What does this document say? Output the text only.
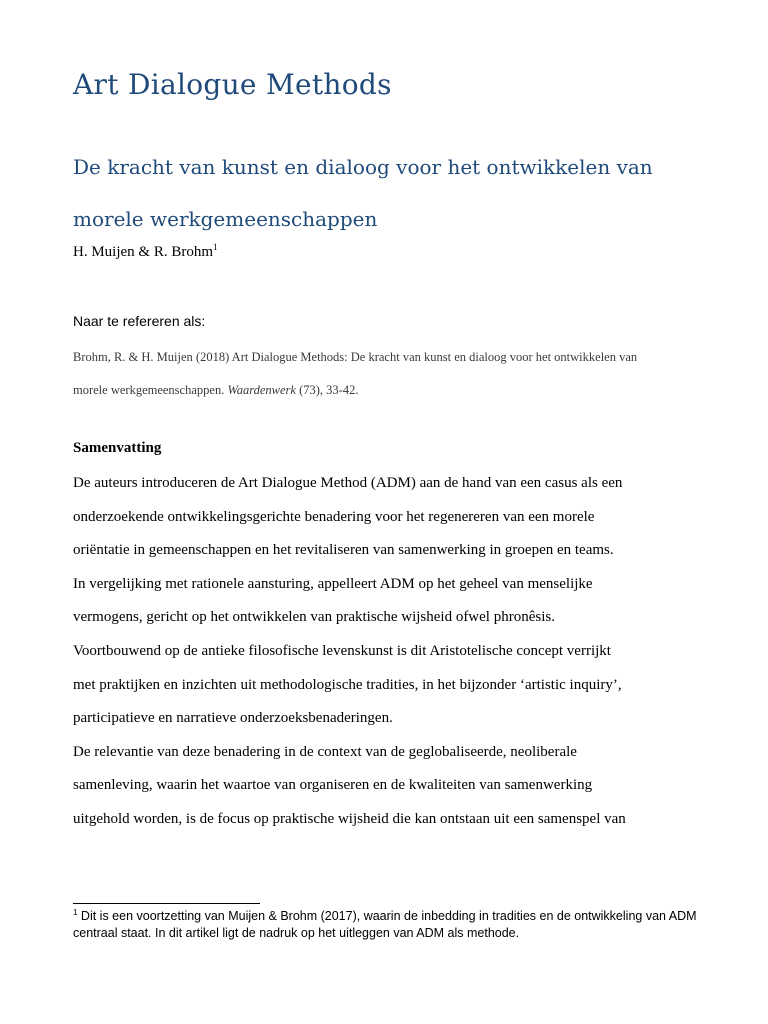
Art Dialogue Methods
De kracht van kunst en dialoog voor het ontwikkelen van morele werkgemeenschappen
H. Muijen & R. Brohm$^1$
Naar te refereren als:
Brohm, R. & H. Muijen (2018) Art Dialogue Methods: De kracht van kunst en dialoog voor het ontwikkelen van morele werkgemeenschappen. Waardenwerk (73), 33-42.
Samenvatting
De auteurs introduceren de Art Dialogue Method (ADM) aan de hand van een casus als een
onderzoekende ontwikkelingsgerichte benadering voor het regenereren van een morele
oriëntatie in gemeenschappen en het revitaliseren van samenwerking in groepen en teams.
In vergelijking met rationele aansturing, appelleert ADM op het geheel van menselijke
vermogens, gericht op het ontwikkelen van praktische wijsheid ofwel phronêsis.
Voortbouwend op de antieke filosofische levenskunst is dit Aristotelische concept verrijkt
met praktijken en inzichten uit methodologische tradities, in het bijzonder ‘artistic inquiry’,
participatieve en narratieve onderzoeksbenaderingen.
De relevantie van deze benadering in de context van de geglobaliseerde, neoliberale
samenleving, waarin het waartoe van organiseren en de kwaliteiten van samenwerking
uitgehold worden, is de focus op praktische wijsheid die kan ontstaan uit een samenspel van
$^1$ Dit is een voortzetting van Muijen & Brohm (2017), waarin de inbedding in tradities en de ontwikkeling van ADM centraal staat. In dit artikel ligt de nadruk op het uitleggen van ADM als methode.
